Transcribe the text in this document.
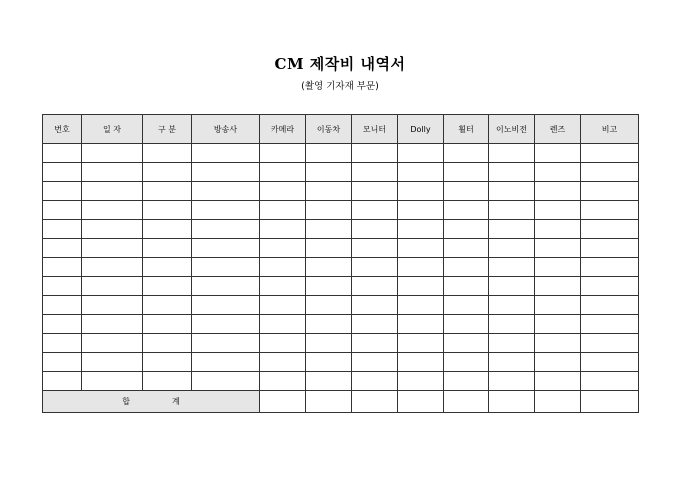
CM 제작비 내역서
(촬영 기자재 부문)
번호	일 자	구 분	방송사	카메라	이동차	모니터	Dolly	휠터	이노비전	렌즈	비고

합 계											
